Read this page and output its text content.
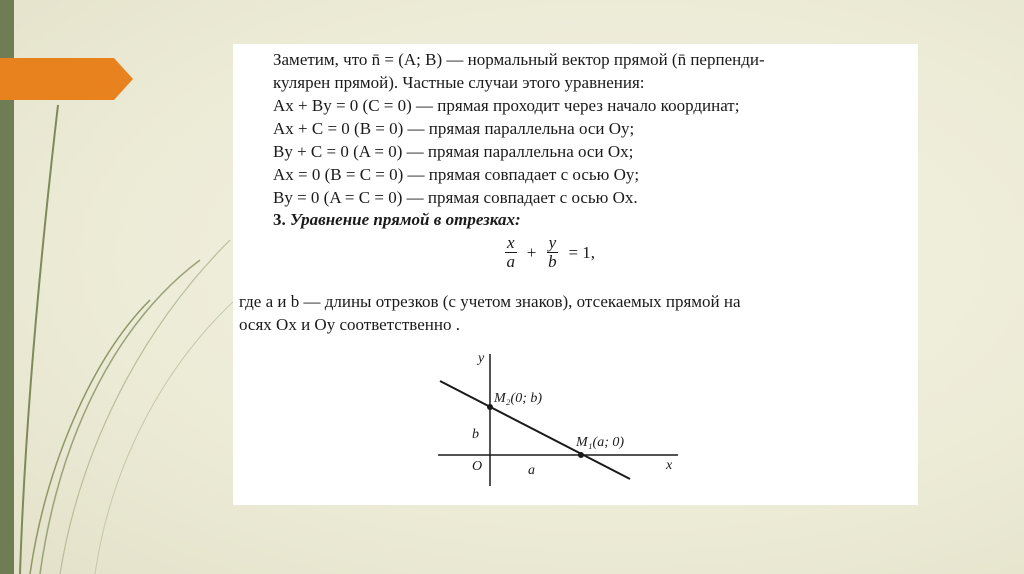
Заметим, что n̄ = (A; B) — нормальный вектор прямой (n̄ перпенди-
кулярен прямой). Частные случаи этого уравнения:
Ax + By = 0 (C = 0) — прямая проходит через начало координат;
Ax + C = 0 (B = 0) — прямая параллельна оси Oy;
By + C = 0 (A = 0) — прямая параллельна оси Ox;
Ax = 0 (B = C = 0) — прямая совпадает с осью Oy;
By = 0 (A = C = 0) — прямая совпадает с осью Ox.
3. Уравнение прямой в отрезках:
$\frac{x}{a} + \frac{y}{b} = 1$,
где a и b — длины отрезков (с учетом знаков), отсекаемых прямой на
осях Ox и Oy соответственно .
y
x
O
M₂(0; b)
M₁(a; 0)
b
a
